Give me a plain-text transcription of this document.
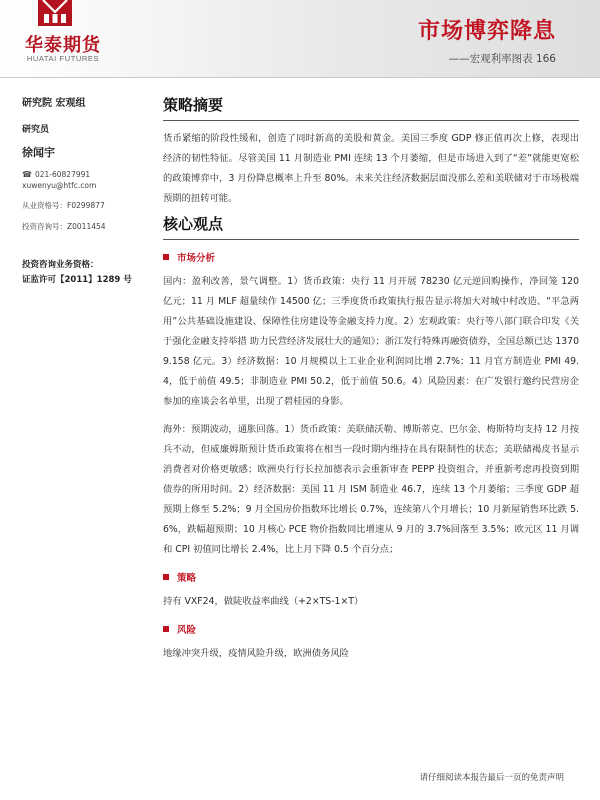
华泰期货
HUATAI FUTURES
市场博弈降息
——宏观利率图表 166
研究院 宏观组
研究员
徐闻宇
☎ 021-60827991
xuwenyu@htfc.com
从业资格号：F0299877
投资咨询号：Z0011454
投资咨询业务资格：
证监许可【2011】1289 号
策略摘要
货币紧缩的阶段性缓和，创造了同时新高的美股和黄金。美国三季度 GDP 修正值再次上修，表现出经济的韧性特征。尽管美国 11 月制造业 PMI 连续 13 个月萎缩，但是市场进入到了“差”就能更宽松的政策博弈中，3 月份降息概率上升至 80%。未来关注经济数据层面没那么差和美联储对于市场极端预期的扭转可能。
核心观点
市场分析
国内：盈利改善，景气调整。1）货币政策：央行 11 月开展 78230 亿元逆回购操作，净回笼 120 亿元；11 月 MLF 超量续作 14500 亿；三季度货币政策执行报告显示将加大对城中村改造、“平急两用”公共基础设施建设、保障性住房建设等金融支持力度。2）宏观政策：央行等八部门联合印发《关于强化金融支持举措 助力民营经济发展壮大的通知》；浙江发行特殊再融资债券，全国总额已达 13709.158 亿元。3）经济数据：10 月规模以上工业企业利润同比增 2.7%；11 月官方制造业 PMI 49.4，低于前值 49.5；非制造业 PMI 50.2，低于前值 50.6。4）风险因素：在广发银行邀约民营房企参加的座谈会名单里，出现了碧桂园的身影。
海外：预期波动，通胀回落。1）货币政策：美联储沃勒、博斯蒂克、巴尔金、梅斯特均支持 12 月按兵不动，但威廉姆斯预计货币政策将在相当一段时期内维持在具有限制性的状态；美联储褐皮书显示消费者对价格更敏感；欧洲央行行长拉加德表示会重新审查 PEPP 投资组合，并重新考虑再投资到期债券的所用时间。2）经济数据：美国 11 月 ISM 制造业 46.7，连续 13 个月萎缩；三季度 GDP 超预期上修至 5.2%；9 月全国房价指数环比增长 0.7%，连续第八个月增长；10 月新屋销售环比跌 5.6%，跌幅超预期；10 月核心 PCE 物价指数同比增速从 9 月的 3.7%回落至 3.5%；欧元区 11 月调和 CPI 初值同比增长 2.4%，比上月下降 0.5 个百分点；
策略
持有 VXF24，做陡收益率曲线（+2×TS-1×T）
风险
地缘冲突升级，疫情风险升级，欧洲债务风险
请仔细阅读本报告最后一页的免责声明
